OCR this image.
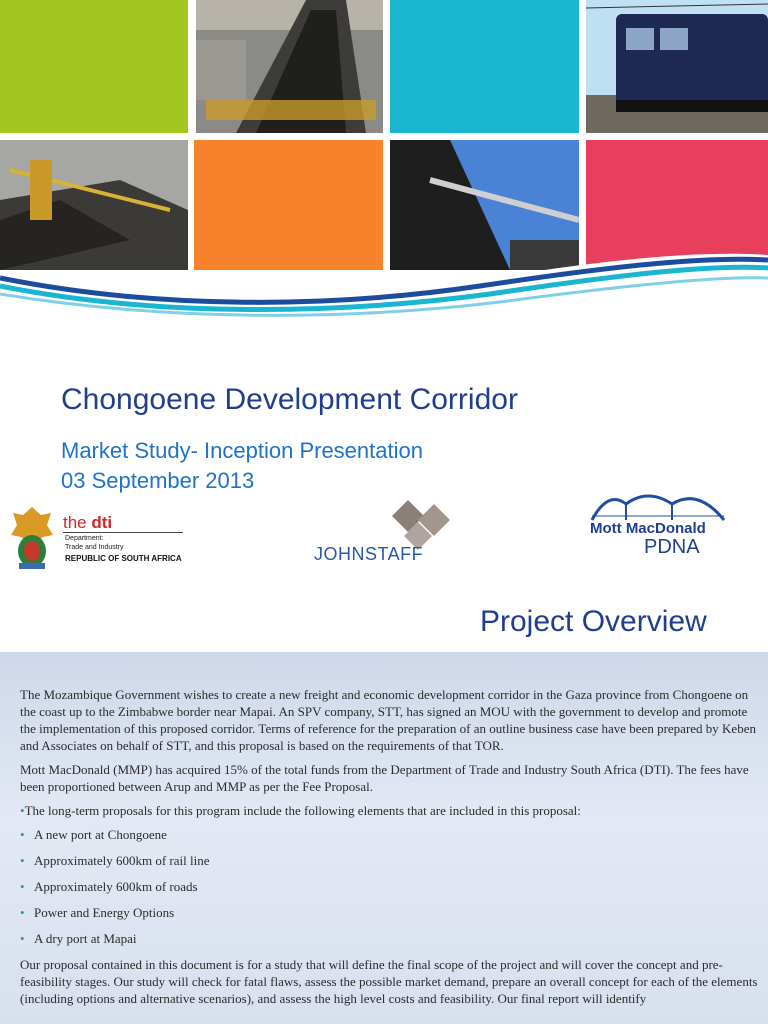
Chongoene Development Corridor
Market Study- Inception Presentation
03 September 2013
the dti
Department:
Trade and Industry
REPUBLIC OF SOUTH AFRICA	JOHNSTAFF
Mott MacDonald
PDNA
Project Overview

The Mozambique Government wishes to create a new freight and economic development corridor in the Gaza province from Chongoene on the coast up to the Zimbabwe border near Mapai. An SPV company, STT, has signed an MOU with the government to develop and promote the implementation of this proposed corridor. Terms of reference for the preparation of an outline business case have been prepared by Keben and Associates on behalf of STT, and this proposal is based on the requirements of that TOR.

Mott MacDonald (MMP) has acquired 15% of the total funds from the Department of Trade and Industry South Africa (DTI). The fees have been proportioned between Arup and MMP as per the Fee Proposal.

•The long-term proposals for this program include the following elements that are included in this proposal:

• A new port at Chongoene
• Approximately 600km of rail line
• Approximately 600km of roads
• Power and Energy Options
• A dry port at Mapai

Our proposal contained in this document is for a study that will define the final scope of the project and will cover the concept and pre-feasibility stages. Our study will check for fatal flaws, assess the possible market demand, prepare an overall concept for each of the elements (including options and alternative scenarios), and assess the high level costs and feasibility. Our final report will identify
